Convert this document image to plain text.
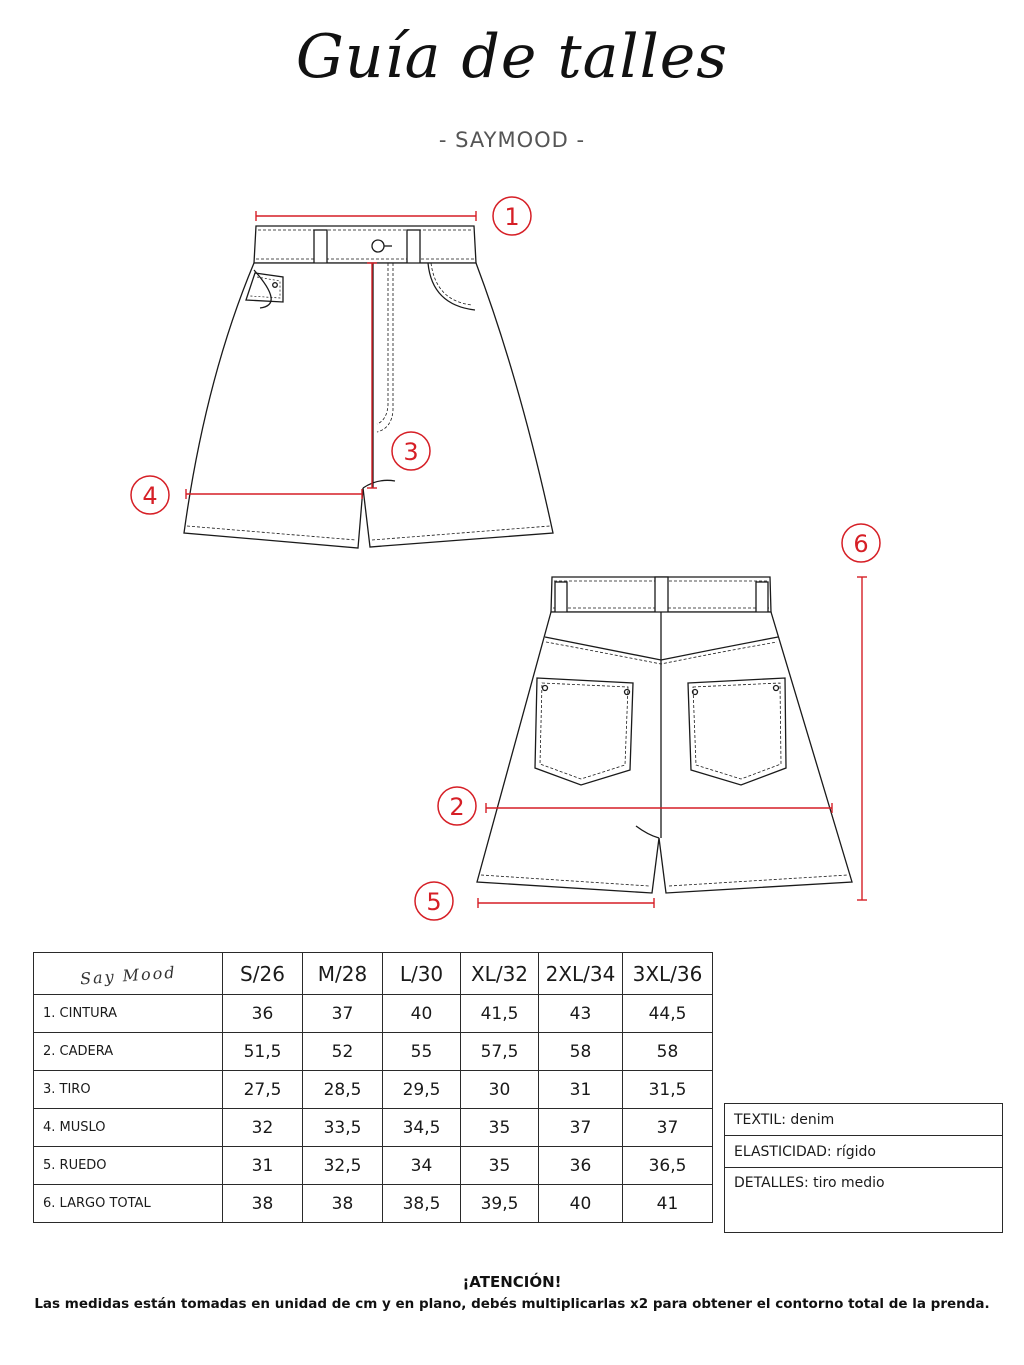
Guía de talles
- SAYMOOD -
1
3
4
6
2
5
Say Mood	S/26	M/28	L/30	XL/32	2XL/34	3XL/36
1. CINTURA	36	37	40	41,5	43	44,5
2. CADERA	51,5	52	55	57,5	58	58
3. TIRO	27,5	28,5	29,5	30	31	31,5
4. MUSLO	32	33,5	34,5	35	37	37
5. RUEDO	31	32,5	34	35	36	36,5
6. LARGO TOTAL	38	38	38,5	39,5	40	41
TEXTIL: denim
ELASTICIDAD: rígido
DETALLES: tiro medio
¡ATENCIÓN!
Las medidas están tomadas en unidad de cm y en plano, debés multiplicarlas x2 para obtener el contorno total de la prenda.
